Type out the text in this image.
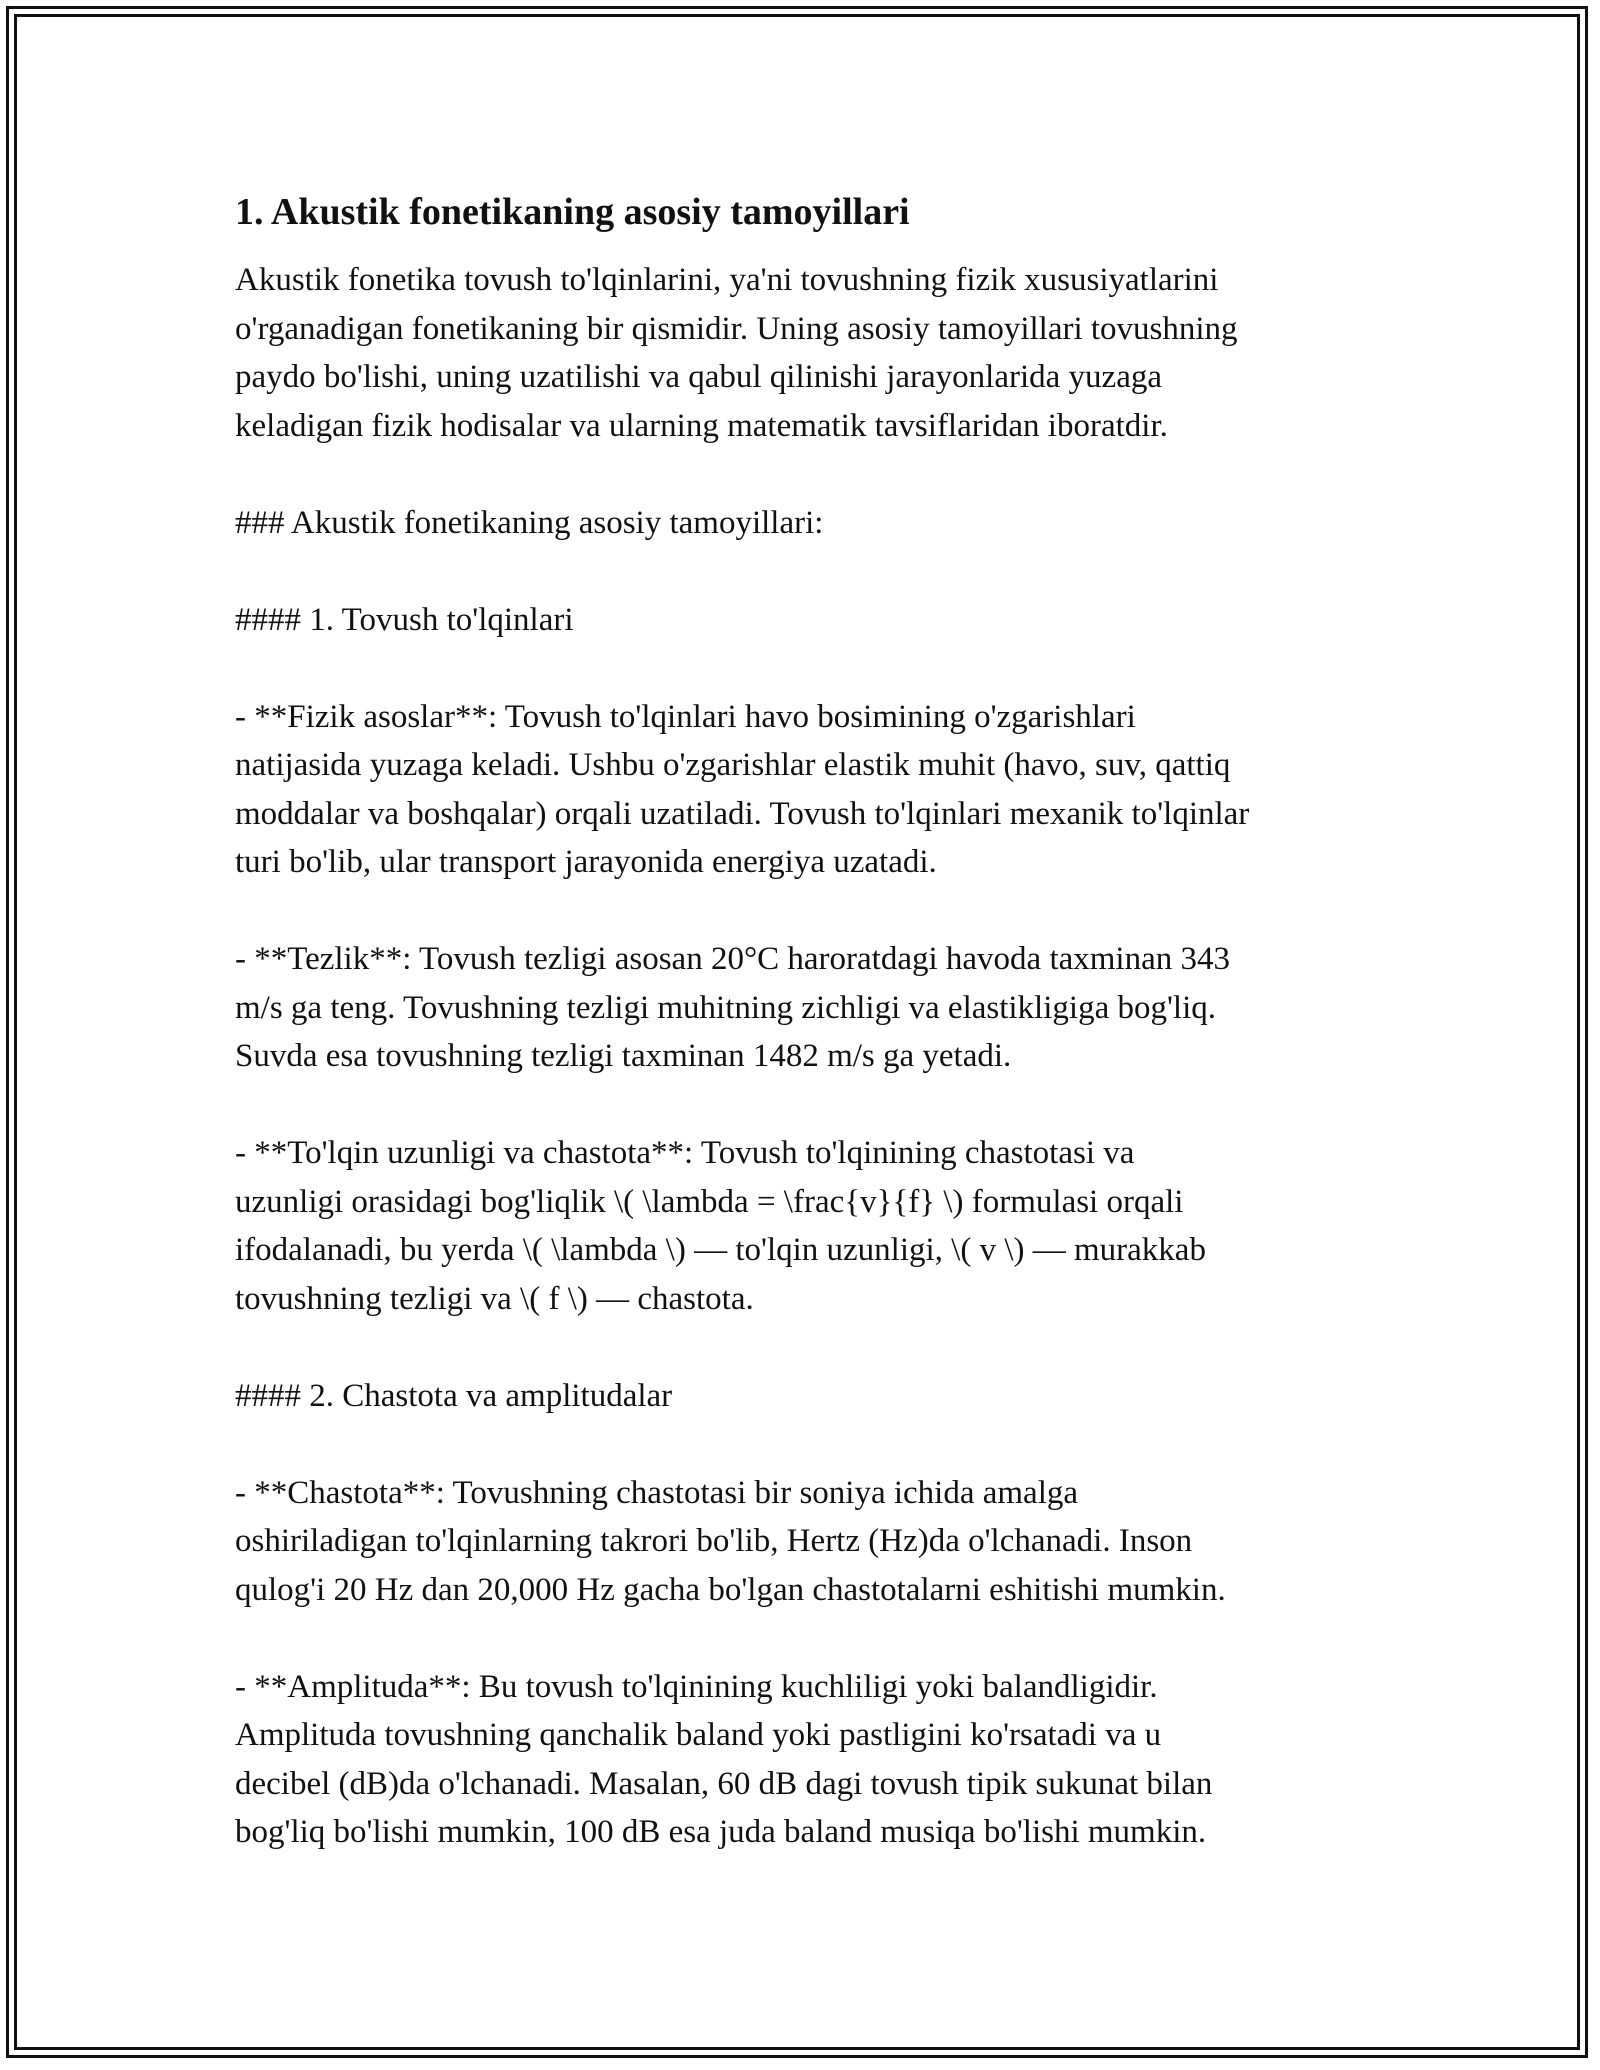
1. Akustik fonetikaning asosiy tamoyillari
Akustik fonetika tovush to'lqinlarini, ya'ni tovushning fizik xususiyatlarini
o'rganadigan fonetikaning bir qismidir. Uning asosiy tamoyillari tovushning
paydo bo'lishi, uning uzatilishi va qabul qilinishi jarayonlarida yuzaga
keladigan fizik hodisalar va ularning matematik tavsiflaridan iboratdir.
### Akustik fonetikaning asosiy tamoyillari:
#### 1. Tovush to'lqinlari
- **Fizik asoslar**: Tovush to'lqinlari havo bosimining o'zgarishlari
natijasida yuzaga keladi. Ushbu o'zgarishlar elastik muhit (havo, suv, qattiq
moddalar va boshqalar) orqali uzatiladi. Tovush to'lqinlari mexanik to'lqinlar
turi bo'lib, ular transport jarayonida energiya uzatadi.
- **Tezlik**: Tovush tezligi asosan 20°C haroratdagi havoda taxminan 343
m/s ga teng. Tovushning tezligi muhitning zichligi va elastikligiga bog'liq.
Suvda esa tovushning tezligi taxminan 1482 m/s ga yetadi.
- **To'lqin uzunligi va chastota**: Tovush to'lqinining chastotasi va
uzunligi orasidagi bog'liqlik \( \lambda = \frac{v}{f} \) formulasi orqali
ifodalanadi, bu yerda \( \lambda \) — to'lqin uzunligi, \( v \) — murakkab
tovushning tezligi va \( f \) — chastota.
#### 2. Chastota va amplitudalar
- **Chastota**: Tovushning chastotasi bir soniya ichida amalga
oshiriladigan to'lqinlarning takrori bo'lib, Hertz (Hz)da o'lchanadi. Inson
qulog'i 20 Hz dan 20,000 Hz gacha bo'lgan chastotalarni eshitishi mumkin.
- **Amplituda**: Bu tovush to'lqinining kuchliligi yoki balandligidir.
Amplituda tovushning qanchalik baland yoki pastligini ko'rsatadi va u
decibel (dB)da o'lchanadi. Masalan, 60 dB dagi tovush tipik sukunat bilan
bog'liq bo'lishi mumkin, 100 dB esa juda baland musiqa bo'lishi mumkin.
